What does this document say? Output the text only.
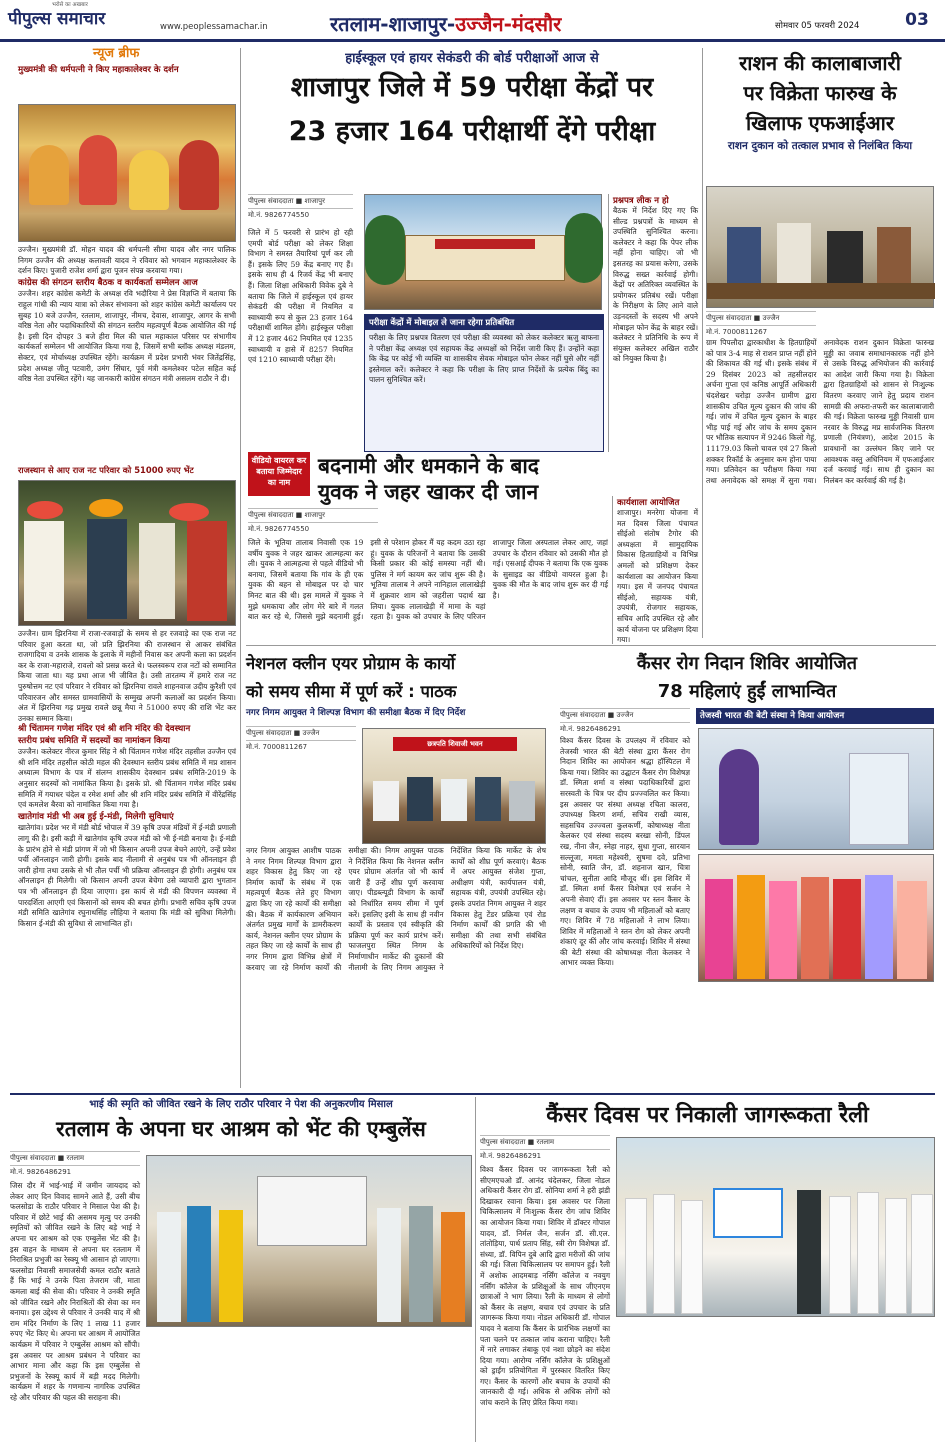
पीपुल्स समाचार
भरोसे का अखबार
www.peoplessamachar.in	रतलाम-शाजापुर-उज्जैन-मंदसौर	सोमवार 05 फरवरी 2024	03
न्यूज ब्रीफ
मुख्यमंत्री की धर्मपत्नी ने किए महाकालेश्वर के दर्शन

उज्जैन। मुख्यमंत्री डॉ. मोहन यादव की धर्मपत्नी सीमा यादव और नगर पालिक निगम उज्जैन की अध्यक्ष कलावती यादव ने रविवार को भगवान महाकालेश्वर के दर्शन किए। पुजारी राजेश शर्मा द्वारा पूजन संपन्न करवाया गया।

कांग्रेस की संगठन स्तरीय बैठक व कार्यकर्ता सम्मेलन आज

उज्जैन। शहर कांग्रेस कमेटी के अध्यक्ष रवि भदौरिया ने प्रेस विज्ञप्ति में बताया कि राहुल गांधी की न्याय यात्रा को लेकर संभावना को शहर कांग्रेस कमेटी कार्यालय पर सुबह 10 बजे उज्जैन, रतलाम, शाजापुर, नीमच, देवास, शाजापुर, आगर के सभी वरिष्ठ नेता और पदाधिकारियों की संगठन स्तरीय महत्वपूर्ण बैठक आयोजित की गई है। इसी दिन दोपहर 3 बजे हीरा मिल की चाल महाकाल परिसर पर संभागीय कार्यकर्ता सम्मेलन भी आयोजित किया गया है, जिसमें सभी ब्लॉक अध्यक्ष मंडलम, सेक्टर, एवं मोर्चाध्यक्ष उपस्थित रहेंगे। कार्यक्रम में प्रदेश प्रभारी भंवर जितेंद्रसिंह, प्रदेश अध्यक्ष जीतू पटवारी, उमंग सिंघार, पूर्व मंत्री कमलेश्वर पटेल सहित कई वरिष्ठ नेता उपस्थित रहेंगे। यह जानकारी कांग्रेस संगठन मंत्री असलम राठौर ने दी।

राजस्थान से आए राज नट परिवार को 51000 रुपए भेंट

उज्जैन। ग्राम झिरनिया में राजा-रजवाड़ों के समय से हर रजवाड़े का एक राज नट परिवार हुआ करता था, जो प्रति झिरनिया की राजस्थान से आकर संबंधित राजगादिया व उनके शासक के इलाके में महीनों निवास कर अपनी कला का प्रदर्शन कर के राजा-महाराजे, रावलो को प्रसन्न करते थे। फलस्वरूप राज नटों को सम्मानित किया जाता था। यह प्रथा आज भी जीवित है। उसी तारतम्य में हमारे राज नट पुरुषोत्तम नट एवं परिवार ने रविवार को झिरनिया रावले शाहनवाज उदीय कुरैशी एवं परिवारजन और समस्त ग्रामवासियों के सम्मुख अपनी कलाओं का प्रदर्शन किया। अंत में झिरनिया गढ़ प्रमुख रावले छन्नू मैया ने 51000 रुपए की राशि भेंट कर उनका सम्मान किया।

श्री चिंतामन गणेश मंदिर एवं श्री शनि मंदिर की देवस्थान
स्तरीय प्रबंध समिति में सदस्यों का नामांकन किया

उज्जैन। कलेक्टर नीरज कुमार सिंह ने श्री चिंतामन गणेश मंदिर तहसील उज्जैन एवं श्री शनि मंदिर तहसील कोठी महल की देवस्थान स्तरीय प्रबंध समिति में मप्र शासन अध्यात्म विभाग के पत्र में संलग्न शासकीय देवस्थान प्रबंध समिति-2019 के अनुसार सदस्यों को नामांकित किया है। इसके प्रो. श्री चिंतामन गणेश मंदिर प्रबंध समिति में गयाधर चंदेल व रमेश शर्मा और श्री शनि मंदिर प्रबंध समिति में वीरेंद्रसिंह एवं कमलेश बैरवा को नामांकित किया गया है।

खातेगांव मंडी भी अब हुई ई-मंडी, मिलेगी सुविधाएं

खातेगांव। प्रदेश भर में मंडी बोर्ड भोपाल में 39 कृषि उपज मंडियों में ई-मंडी प्रणाली लागू की है। इसी कड़ी में खातेगांव कृषि उपज मंडी को भी ई-मंडी बनाया है। ई-मंडी के प्रारंभ होने से मंडी प्रांगण में जो भी किसान अपनी उपज बेचने आएंगे, उन्हें प्रवेश पर्ची ऑनलाइन जारी होगी। इसके बाद नीलामी से अनुबंध पत्र भी ऑनलाइन ही जारी होगा तथा उसके से भी तौल पर्ची भी प्रक्रिया ऑनलाइन ही होगी। अनुबंध पत्र ऑनलाइन ही मिलेगी। जो किसान अपनी उपज बेचेगा उसे व्यापारी द्वारा भुगतान पत्र भी ऑनलाइन ही दिया जाएगा। इस कार्य से मंडी की विपणन व्यवस्था में पारदर्शिता आएगी एवं किसानों को समय की बचत होगी। प्रभारी सचिव कृषि उपज मंडी समिति खातेगांव रघुनाथसिंह लौहिया ने बताया कि मंडी को सुविधा मिलेगी। किसान ई-मंडी की सुविधा से लाभान्वित हों।

हाईस्कूल एवं हायर सेकंडरी की बोर्ड परीक्षाओं आज से
शाजापुर जिले में 59 परीक्षा केंद्रों पर
23 हजार 164 परीक्षार्थी देंगे परीक्षा
पीपुल्स संवाददाता ■ शाजापुर
मो.नं. 9826774550
जिले में 5 फरवरी से प्रारंभ हो रही एमपी बोर्ड परीक्षा को लेकर शिक्षा विभाग ने समस्त तैयारियां पूर्ण कर ली हैं। इसके लिए 59 केंद्र बनाए गए हैं। इसके साथ ही 4 रिजर्व केंद्र भी बनाए हैं। जिला शिक्षा अधिकारी विवेक दुबे ने बताया कि जिले में हाईस्कूल एवं हायर सेकंडरी की परीक्षा में नियमित व स्वाध्यायी रूप से कुल 23 हजार 164 परीक्षार्थी शामिल होंगे। हाईस्कूल परीक्षा में 12 हजार 462 नियमित एवं 1235 स्वाध्यायी व हासे में 8257 नियमित एवं 1210 स्वाध्यायी परीक्षा देंगे।
परीक्षा केंद्रों में मोबाइल ले जाना रहेगा प्रतिबंधित
परीक्षा के लिए प्रश्नपत्र वितरण एवं परीक्षा की व्यवस्था को लेकर कलेक्टर ऋजु बाफना ने परीक्षा केंद्र अध्यक्ष एवं सहायक केंद्र अध्यक्षों को निर्देश जारी किए हैं। उन्होंने कहा कि केंद्र पर कोई भी व्यक्ति या शासकीय सेवक मोबाइल फोन लेकर नहीं घुसे और नहीं इस्तेमाल करें। कलेक्टर ने कहा कि परीक्षा के लिए प्राप्त निर्देशों के प्रत्येक बिंदु का पालन सुनिश्चित करें।
प्रश्नपत्र लीक न हो
बैठक में निर्देश दिए गए कि सील्ड प्रश्नपत्रों के माध्यम से उपस्थिति सुनिश्चित करना। कलेक्टर ने कहा कि पेपर लीक नहीं होना चाहिए। जो भी इसतरह का प्रयास करेगा, उसके विरुद्ध सख्त कार्रवाई होगी। केंद्रों पर अतिरिक्त व्यवस्थित के प्रयोगकर प्रतिबंध रखें। परीक्षा के निरीक्षण के लिए आने वाले उड़नदस्तों के सदस्य भी अपने मोबाइल फोन केंद्र के बाहर रखें। कलेक्टर ने प्रतिनिधि के रूप में संयुक्त कलेक्टर अखिल राठौर को नियुक्त किया है।
वीडियो वायरल कर बताया जिम्मेदार का नाम
बदनामी और धमकाने के बाद
युवक ने जहर खाकर दी जान
पीपुल्स संवाददाता ■ शाजापुर
मो.नं. 9826774550
जिले के भूतिया तालाब निवासी एक 19 वर्षीय युवक ने जहर खाकर आत्महत्या कर ली। युवक ने आत्महत्या से पहले वीडियो भी बनाया, जिसमें बताया कि गांव के ही एक युवक की बहन से मोबाइल पर दो चार मिनट बात की थी। इस मामले में युवक ने मुझे धमकाया और लोग मेरे बारे में गलत बात कर रहे थे, जिससे मुझे बदनामी हुई। इसी से परेशान होकर मैं यह कदम उठा रहा हूं। युवक के परिजनों ने बताया कि उसकी किसी प्रकार की कोई समस्या नहीं थी। पुलिस ने मर्ग कायम कर जांच शुरू की है। भूतिया तालाब ने अपने नानिहाल लालाखेड़ी में शुक्रवार शाम को जहरीला पदार्थ खा लिया। युवक लालाखेड़ी में मामा के यहां रहता है। युवक को उपचार के लिए परिजन शाजापुर जिला अस्पताल लेकर आए, जहां उपचार के दौरान रविवार को उसकी मौत हो गई। एसआई दीपक ने बताया कि एक युवक के सुसाइड का वीडियो वायरल हुआ है। युवक की मौत के बाद जांच शुरू कर दी गई है।
कार्यशाला आयोजित
शाजापुर। मनरेगा योजना में मत दिवस जिला पंचायत सीईओ संतोष टैगोर की अध्यक्षता में सामुदायिक विकास हितग्राहियों व विभिन्न अमलों को प्रशिक्षण देकर कार्यशाला का आयोजन किया गया। इस में जनपद पंचायत सीईओ, सहायक यंत्री, उपयंत्री, रोजगार सहायक, सचिव आदि उपस्थित रहे और कार्य योजना पर प्रशिक्षण दिया गया।
राशन की कालाबाजारी
पर विक्रेता फारुख के
खिलाफ एफआईआर
राशन दुकान को तत्काल प्रभाव से निलंबित किया
पीपुल्स संवाददाता ■ उज्जैन
मो.नं. 7000811267
ग्राम पिपलौदा द्वारकाधीश के हितग्राहियों को पात्र 3-4 माह से राशन प्राप्त नहीं होने की शिकायत की गई थी। इसके संबंध में 29 दिसंबर 2023 को तहसीलदार अर्चना गुप्ता एवं कनिष्ठ आपूर्ति अधिकारी चंदशेखर चरोड़ा उज्जैन ग्रामीण द्वारा शासकीय उचित मूल्य दुकान की जांच की गई। जांच में उचित मूल्य दुकान के बाहर भीड़ पाई गई और जांच के समय दुकान पर भौतिक सत्यापन में 9246 किलो गेहूं, 11179.03 किलो चावल एवं 27 किलो शक्कर रिकॉर्ड के अनुसार कम होना पाया गया। प्रतिवेदन का परीक्षण किया गया तथा अनावेदक को समक्ष में सुना गया। अनावेदक राशन दुकान विक्रेता फारुख मुड्डी का जवाब समाधानकारक नहीं होने से उसके विरुद्ध अभियोजन की कार्रवाई का आदेश जारी किया गया है। विक्रेता द्वारा हितग्राहियों को शासन से निःशुल्क वितरण करवाए जाने हेतु प्रदाय राशन सामग्री की अफरा-तफरी कर कालाबाजारी की गई। विक्रेता फारुख मुड्डी निवासी ग्राम नरवार के विरुद्ध मप्र सार्वजनिक वितरण प्रणाली (नियंत्रण), आदेश 2015 के प्रावधानों का उल्लंघन किए जाने पर आवश्यक वस्तु अधिनियम में एफआईआर दर्ज करवाई गई। साथ ही दुकान का निलंबन कर कार्रवाई की गई है।
नेशनल क्लीन एयर प्रोग्राम के कार्यो
को समय सीमा में पूर्ण करें : पाठक
नगर निगम आयुक्त ने शिल्पज्ञ विभाग की समीक्षा बैठक में दिए निर्देश
पीपुल्स संवाददाता ■ उज्जैन
मो.नं. 7000811267	छत्रपति शिवाजी भवन
नगर निगम आयुक्त आशीष पाठक ने नगर निगम शिल्पज्ञ विभाग द्वारा शहर विकास हेतु किए जा रहे निर्माण कार्यों के संबंध में एक महत्वपूर्ण बैठक लेते हुए विभाग द्वारा किए जा रहे कार्यों की समीक्षा की। बैठक में कार्यकारण अभियान अंतर्गत प्रमुख मार्गों के डामरीकरण कार्य, नेशनल क्लीन एयर प्रोग्राम के तहत किए जा रहे कार्यों के साथ ही नगर निगम द्वारा विभिन्न क्षेत्रों में करवाए जा रहे निर्माण कार्यों की समीक्षा की। निगम आयुक्त पाठक ने निर्देशित किया कि नेशनल क्लीन एयर प्रोग्राम अंतर्गत जो भी कार्य जारी हैं उन्हें शीघ्र पूर्ण करवाया जाए। पीडब्ल्यूडी विभाग के कार्यों को निर्धारित समय सीमा में पूर्ण करें। इसलिए इसी के साथ ही नवीन कार्यों के प्रस्ताव एवं स्वीकृति की प्रक्रिया पूर्ण कर कार्य प्रारंभ करें। फाजलपुरा स्थित निगम के निर्माणाधीन मार्केट की दुकानों की नीलामी के लिए निगम आयुक्त ने निर्देशित किया कि मार्केट के शेष कार्यों को शीघ्र पूर्ण करवाएं। बैठक में अपर आयुक्त संजेश गुप्ता, अधीक्षण यंत्री, कार्यपालन यंत्री, सहायक यंत्री, उपयंत्री उपस्थित रहे। इसके उपरांत निगम आयुक्त ने शहर विकास हेतु टेंडर प्रक्रिया एवं रोड निर्माण कार्यों की प्रगति की भी समीक्षा की तथा सभी संबंधित अधिकारियों को निर्देश दिए।
कैंसर रोग निदान शिविर आयोजित
78 महिलाएं हुईं लाभान्वित
पीपुल्स संवाददाता ■ उज्जैन
मो.नं. 9826486291
तेजस्वी भारत की बेटी संस्था ने किया आयोजन
विश्व कैंसर दिवस के उपलक्ष्य में रविवार को तेजस्वी भारत की बेटी संस्था द्वारा कैंसर रोग निदान शिविर का आयोजन श्रद्धा हॉस्पिटल में किया गया। शिविर का उद्घाटन कैंसर रोग विशेषज्ञ डॉ. स्मिता शर्मा व संस्था पदाधिकारियों द्वारा सरस्वती के चित्र पर दीप प्रज्ज्वलित कर किया। इस अवसर पर संस्था अध्यक्ष रचिता कालरा, उपाध्यक्ष किरण शर्मा, सचिव राखी व्यास, सहसचिव उज्ज्वला कुलकर्णी, कोषाध्यक्ष नीता केलकर एवं संस्था सदस्य बरखा सोनी, डिंपल रख, नीना जैन, स्नेहा नाहर, सुधा गुप्ता, सारयान सल्लूजा, ममता महेश्वरी, सुषमा दवे, प्रतिभा सोनी, स्वाति जैन, डॉ. शहनाज खान, चित्रा चांचल, सुनीता आदि मौजूद थीं। इस शिविर में डॉ. स्मिता शर्मा कैंसर विशेषज्ञ एवं सर्जन ने अपनी सेवाएं दीं। इस अवसर पर स्तन कैंसर के लक्षण व बचाव के उपाय भी महिलाओं को बताए गए। शिविर में 78 महिलाओं ने लाभ लिया। शिविर में महिलाओं ने स्तन रोग को लेकर अपनी शंकाएं दूर कीं और जांच करवाई। शिविर में संस्था की बेटी संस्था की कोषाध्यक्ष नीता केलकर ने आभार व्यक्त किया।
भाई की स्मृति को जीवित रखने के लिए राठौर परिवार ने पेश की अनुकरणीय मिसाल
रतलाम के अपना घर आश्रम को भेंट की एम्बुलेंस
पीपुल्स संवाददाता ■ रतलाम
मो.नं. 9826486291
जिस दौर में भाई-भाई में जमीन जायदाद को लेकर आए दिन विवाद सामने आते हैं, उसी बीच फलसोडा के राठौर परिवार ने मिसाल पेश की है। परिवार में छोटे भाई की असमय मृत्यु पर उनकी स्मृतियों को जीवित रखने के लिए बड़े भाई ने अपना घर आश्रम को एक एम्बुलेंस भेंट की है। इस वाहन के माध्यम से अपना घर रतलाम में निराश्रित प्रभुजी का रेस्क्यू भी आसान हो जाएगा। फलसोडा निवासी समाजसेवी कमल राठौर बताते हैं कि भाई ने उनके पिता तेजराम जी, माता कमला बाई की सेवा की। परिवार ने उनकी स्मृति को जीवित रखने और निराश्रितों की सेवा का मन बनाया। इस उद्देश्य से परिवार ने उनकी याद में श्री राम मंदिर निर्माण के लिए 1 लाख 11 हजार रुपए भेंट किए थे। अपना घर आश्रम में आयोजित कार्यक्रम में परिवार ने एम्बुलेंस आश्रम को सौंपी। इस अवसर पर आश्रम प्रबंधन ने परिवार का आभार माना और कहा कि इस एम्बुलेंस से प्रभुजनों के रेस्क्यू कार्य में बड़ी मदद मिलेगी। कार्यक्रम में शहर के गणमान्य नागरिक उपस्थित रहे और परिवार की पहल की सराहना की।
कैंसर दिवस पर निकाली जागरूकता रैली
पीपुल्स संवाददाता ■ रतलाम
मो.नं. 9826486291
विश्व कैंसर दिवस पर जागरूकता रैली को सीएमएचओ डॉ. आनंद चंदेलकर, जिला नोडल अधिकारी कैंसर रोग डॉ. सोनिया शर्मा ने हरी झंडी दिखाकर रवाना किया। इस अवसर पर जिला चिकित्सालय में निःशुल्क कैंसर रोग जांच शिविर का आयोजन किया गया। शिविर में डॉक्टर गोपाल यादव, डॉ. निर्मल जैन, सर्जन डॉ. सी.एल. तांतोड़िया, पार्थ प्रताप सिंह, स्त्री रोग विशेषज्ञ डॉ. संध्या, डॉ. विपिन दुबे आदि द्वारा मरीजों की जांच की गई। जिला चिकित्सालय पर समापन हुई। रैली में अशोक आदमबाड़ नर्सिंग कॉलेज व नवयुग नर्सिंग कॉलेज के प्रशिक्षुओं के साथ जीएनएम छात्राओं ने भाग लिया। रैली के माध्यम से लोगों को कैंसर के लक्षण, बचाव एवं उपचार के प्रति जागरूक किया गया। नोडल अधिकारी डॉ. गोपाल यादव ने बताया कि कैंसर के प्रारंभिक लक्षणों का पता चलने पर तत्काल जांच कराना चाहिए। रैली में नारे लगाकर तंबाकू एवं नशा छोड़ने का संदेश दिया गया। आरोग्य नर्सिंग कॉलेज के प्रशिक्षुओं को ड्राईंग प्रतियोगिता में पुरस्कार वितरित किए गए। कैंसर के कारणों और बचाव के उपायों की जानकारी दी गई। अधिक से अधिक लोगों को जांच कराने के लिए प्रेरित किया गया।
